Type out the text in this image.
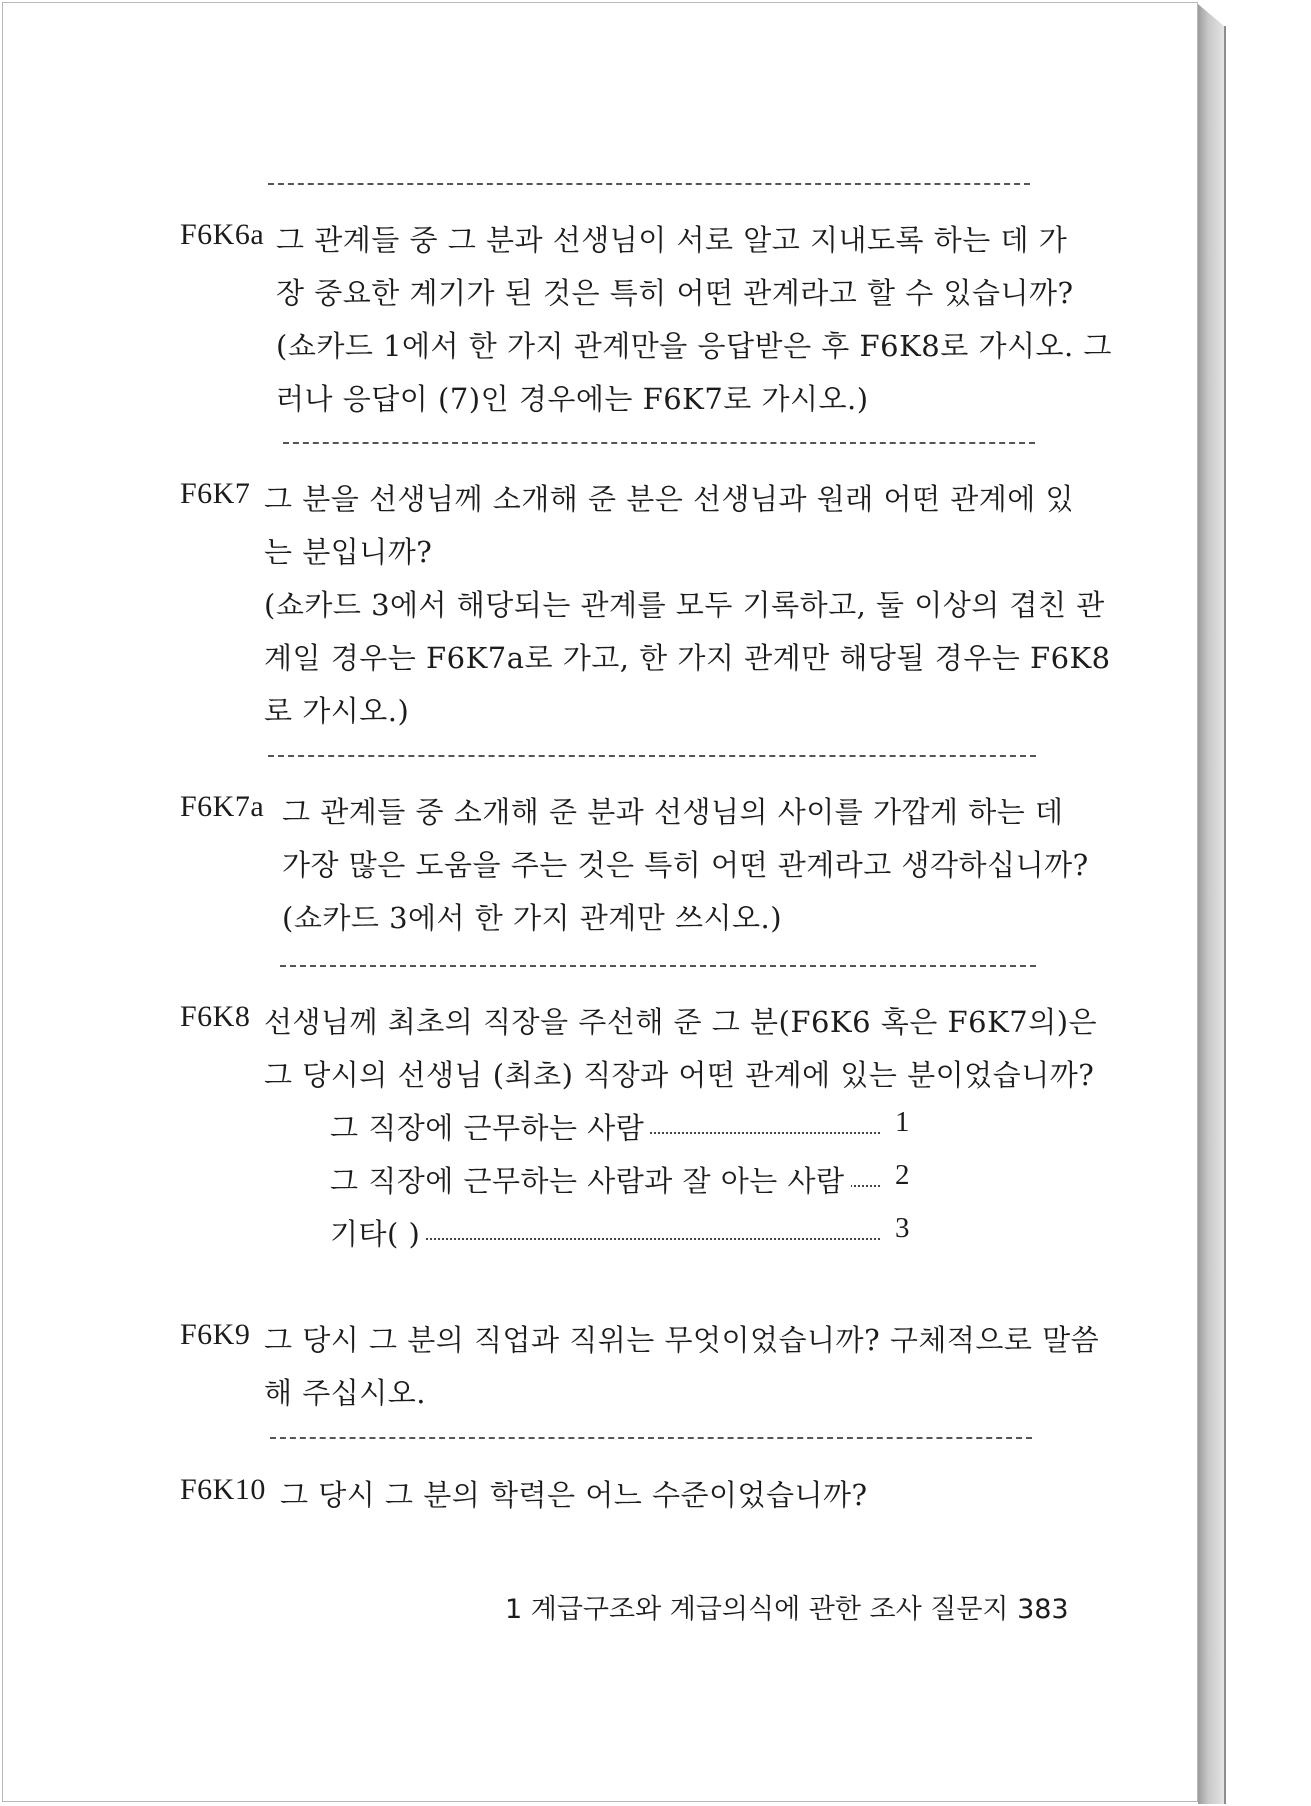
F6K6a 그 관계들 중 그 분과 선생님이 서로 알고 지내도록 하는 데 가
장 중요한 계기가 된 것은 특히 어떤 관계라고 할 수 있습니까?
(쇼카드 1에서 한 가지 관계만을 응답받은 후 F6K8로 가시오. 그
러나 응답이 (7)인 경우에는 F6K7로 가시오.)
F6K7 그 분을 선생님께 소개해 준 분은 선생님과 원래 어떤 관계에 있
는 분입니까?
(쇼카드 3에서 해당되는 관계를 모두 기록하고, 둘 이상의 겹친 관
계일 경우는 F6K7a로 가고, 한 가지 관계만 해당될 경우는 F6K8
로 가시오.)
F6K7a 그 관계들 중 소개해 준 분과 선생님의 사이를 가깝게 하는 데
가장 많은 도움을 주는 것은 특히 어떤 관계라고 생각하십니까?
(쇼카드 3에서 한 가지 관계만 쓰시오.)
F6K8 선생님께 최초의 직장을 주선해 준 그 분(F6K6 혹은 F6K7의)은
그 당시의 선생님 (최초) 직장과 어떤 관계에 있는 분이었습니까?
그 직장에 근무하는 사람	1
그 직장에 근무하는 사람과 잘 아는 사람 2
기타( )	3
F6K9 그 당시 그 분의 직업과 직위는 무엇이었습니까? 구체적으로 말씀
해 주십시오.
F6K10 그 당시 그 분의 학력은 어느 수준이었습니까?
1 계급구조와 계급의식에 관한 조사 질문지 383
